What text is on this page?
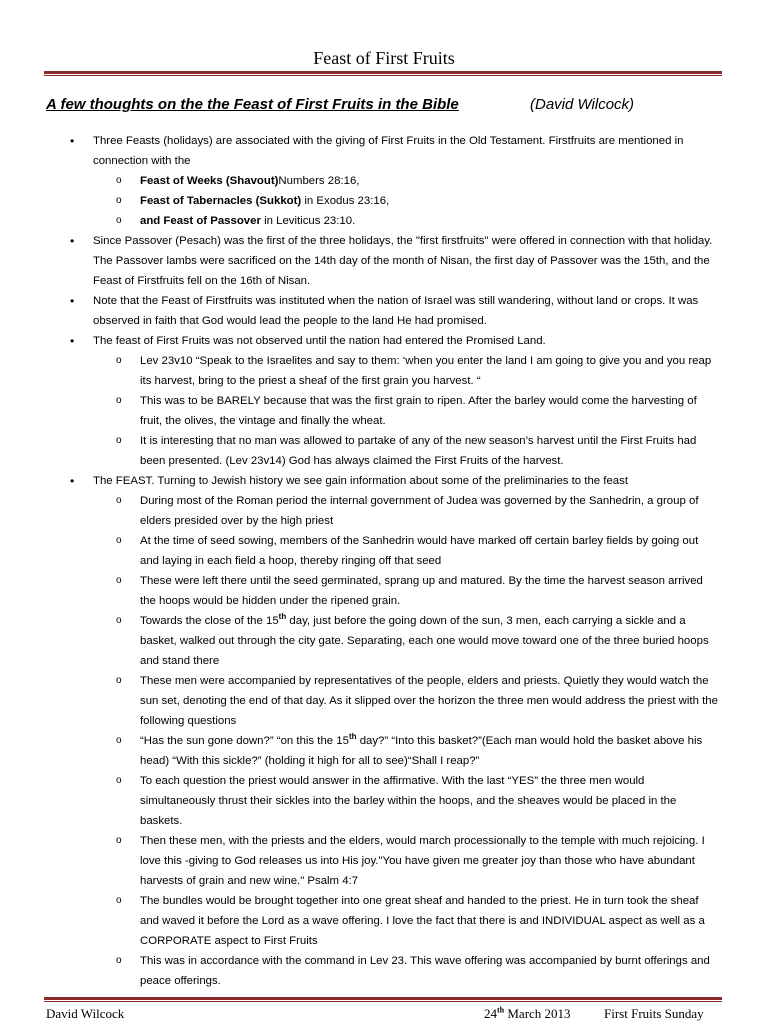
Feast of First Fruits
A few thoughts on the the Feast of First Fruits in the Bible	(David Wilcock)
• Three Feasts (holidays) are associated with the giving of First Fruits in the Old Testament. Firstfruits are mentioned in connection with the
o Feast of Weeks (Shavout)Numbers 28:16,
o Feast of Tabernacles (Sukkot) in Exodus 23:16,
o and Feast of Passover in Leviticus 23:10.
• Since Passover (Pesach) was the first of the three holidays, the "first firstfruits" were offered in connection with that holiday. The Passover lambs were sacrificed on the 14th day of the month of Nisan, the first day of Passover was the 15th, and the Feast of Firstfruits fell on the 16th of Nisan.
• Note that the Feast of Firstfruits was instituted when the nation of Israel was still wandering, without land or crops. It was observed in faith that God would lead the people to the land He had promised.
• The feast of First Fruits was not observed until the nation had entered the Promised Land.
o Lev 23v10 “Speak to the Israelites and say to them: ‘when you enter the land I am going to give you and you reap its harvest, bring to the priest a sheaf of the first grain you harvest. “
o This was to be BARELY because that was the first grain to ripen. After the barley would come the harvesting of fruit, the olives, the vintage and finally the wheat.
o It is interesting that no man was allowed to partake of any of the new season’s harvest until the First Fruits had been presented. (Lev 23v14) God has always claimed the First Fruits of the harvest.
• The FEAST. Turning to Jewish history we see gain information about some of the preliminaries to the feast
o During most of the Roman period the internal government of Judea was governed by the Sanhedrin, a group of elders presided over by the high priest
o At the time of seed sowing, members of the Sanhedrin would have marked off certain barley fields by going out and laying in each field a hoop, thereby ringing off that seed
o These were left there until the seed germinated, sprang up and matured. By the time the harvest season arrived the hoops would be hidden under the ripened grain.
o Towards the close of the 15th day, just before the going down of the sun, 3 men, each carrying a sickle and a basket, walked out through the city gate. Separating, each one would move toward one of the three buried hoops and stand there
o These men were accompanied by representatives of the people, elders and priests. Quietly they would watch the sun set, denoting the end of that day. As it slipped over the horizon the three men would address the priest with the following questions
o “Has the sun gone down?” “on this the 15th day?” “Into this basket?”(Each man would hold the basket above his head) “With this sickle?” (holding it high for all to see)“Shall I reap?”
o To each question the priest would answer in the affirmative. With the last “YES” the three men would simultaneously thrust their sickles into the barley within the hoops, and the sheaves would be placed in the baskets.
o Then these men, with the priests and the elders, would march processionally to the temple with much rejoicing. I love this -giving to God releases us into His joy."You have given me greater joy than those who have abundant harvests of grain and new wine." Psalm 4:7
o The bundles would be brought together into one great sheaf and handed to the priest. He in turn took the sheaf and waved it before the Lord as a wave offering. I love the fact that there is and INDIVIDUAL aspect as well as a CORPORATE aspect to First Fruits
o This was in accordance with the command in Lev 23. This wave offering was accompanied by burnt offerings and peace offerings.
David Wilcock	24th March 2013	First Fruits Sunday
